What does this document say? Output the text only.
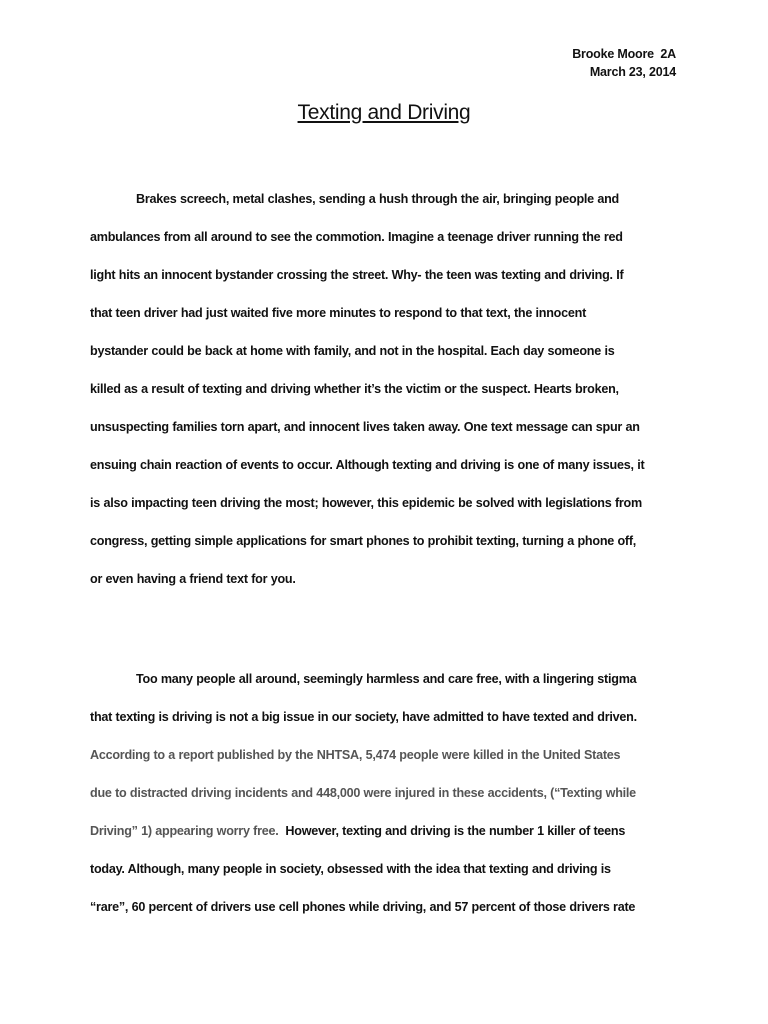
Brooke Moore  2A
March 23, 2014
Texting and Driving
Brakes screech, metal clashes, sending a hush through the air, bringing people and
ambulances from all around to see the commotion. Imagine a teenage driver running the red
light hits an innocent bystander crossing the street. Why- the teen was texting and driving. If
that teen driver had just waited five more minutes to respond to that text, the innocent
bystander could be back at home with family, and not in the hospital. Each day someone is
killed as a result of texting and driving whether it’s the victim or the suspect. Hearts broken,
unsuspecting families torn apart, and innocent lives taken away. One text message can spur an
ensuing chain reaction of events to occur. Although texting and driving is one of many issues, it
is also impacting teen driving the most; however, this epidemic be solved with legislations from
congress, getting simple applications for smart phones to prohibit texting, turning a phone off,
or even having a friend text for you.
Too many people all around, seemingly harmless and care free, with a lingering stigma
that texting is driving is not a big issue in our society, have admitted to have texted and driven.
According to a report published by the NHTSA, 5,474 people were killed in the United States
due to distracted driving incidents and 448,000 were injured in these accidents, (“Texting while
Driving” 1) appearing worry free. However, texting and driving is the number 1 killer of teens
today. Although, many people in society, obsessed with the idea that texting and driving is
“rare”, 60 percent of drivers use cell phones while driving, and 57 percent of those drivers rate
